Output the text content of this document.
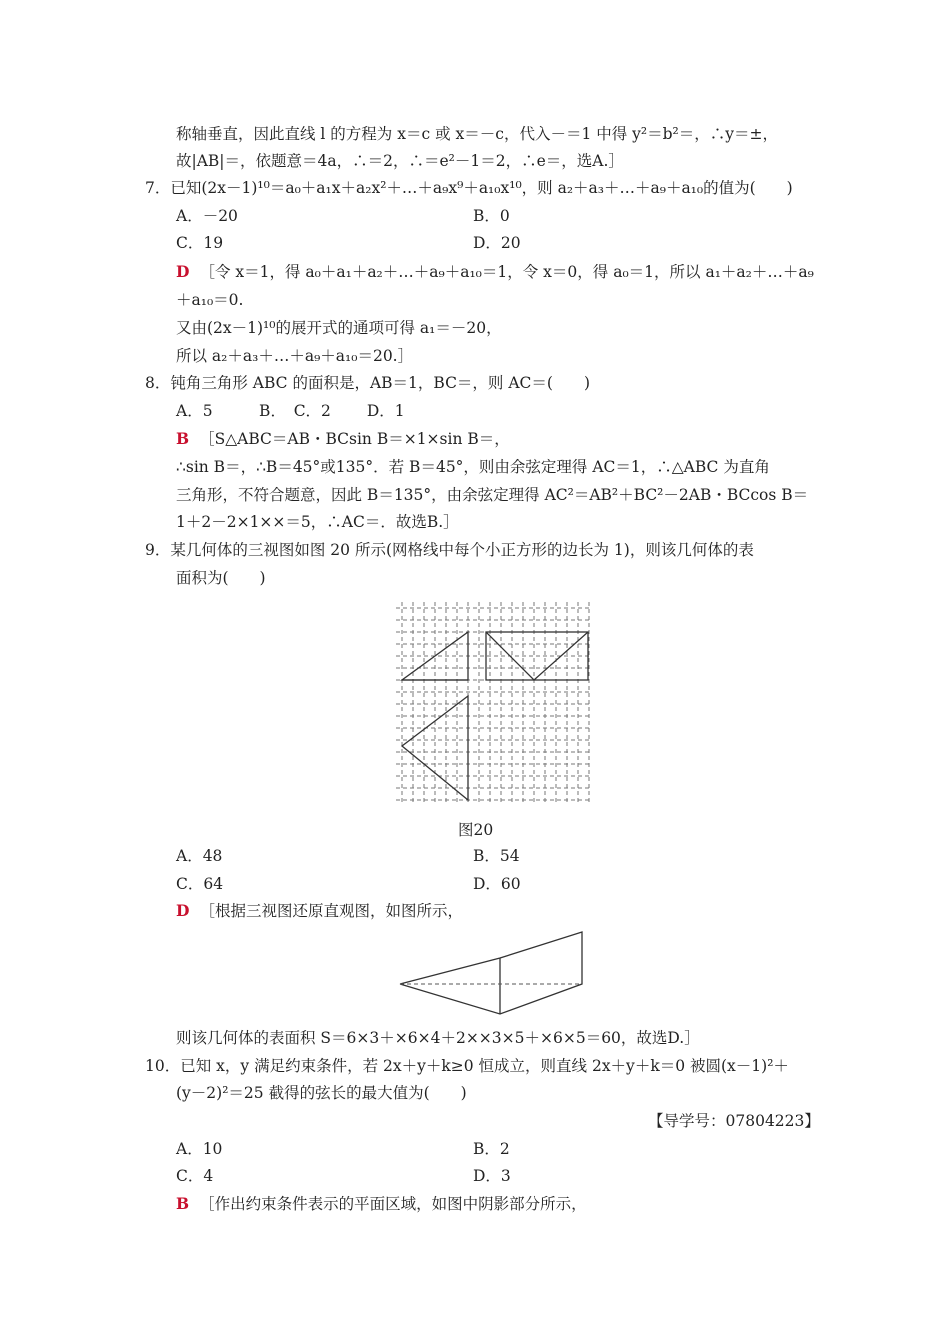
称轴垂直，因此直线 l 的方程为 x＝c 或 x＝－c，代入－＝1 中得 y²＝b²＝，∴y＝±，
故|AB|＝，依题意＝4a，∴＝2，∴＝e²－1＝2，∴e＝，选A.］
7．已知(2x－1)¹⁰＝a₀＋a₁x＋a₂x²＋…＋a₉x⁹＋a₁₀x¹⁰，则 a₂＋a₃＋…＋a₉＋a₁₀的值为(　　)
A．－20	B．0
C．19	D．20
D ［令 x＝1，得 a₀＋a₁＋a₂＋…＋a₉＋a₁₀＝1，令 x＝0，得 a₀＝1，所以 a₁＋a₂＋…＋a₉
＋a₁₀＝0.
又由(2x－1)¹⁰的展开式的通项可得 a₁＝－20，
所以 a₂＋a₃＋…＋a₉＋a₁₀＝20.］
8．钝角三角形 ABC 的面积是，AB＝1，BC＝，则 AC＝(　　)
A．5　　　B．　C．2　　 D．1
B ［S△ABC＝AB・BCsin B＝×1×sin B＝，
∴sin B＝，∴B＝45°或135°．若 B＝45°，则由余弦定理得 AC＝1，∴△ABC 为直角
三角形，不符合题意，因此 B＝135°，由余弦定理得 AC²＝AB²＋BC²－2AB・BCcos B＝
1＋2－2×1××＝5，∴AC＝．故选B.］
9．某几何体的三视图如图 20 所示(网格线中每个小正方形的边长为 1)，则该几何体的表
面积为(　　)
图20
A．48	B．54
C．64	D．60
D ［根据三视图还原直观图，如图所示，
则该几何体的表面积 S＝6×3＋×6×4＋2××3×5＋×6×5＝60，故选D.］
10．已知 x，y 满足约束条件，若 2x＋y＋k≥0 恒成立，则直线 2x＋y＋k＝0 被圆(x－1)²＋
(y－2)²＝25 截得的弦长的最大值为(　　)
【导学号：07804223】
A．10	B．2
C．4	D．3
B ［作出约束条件表示的平面区域，如图中阴影部分所示，
